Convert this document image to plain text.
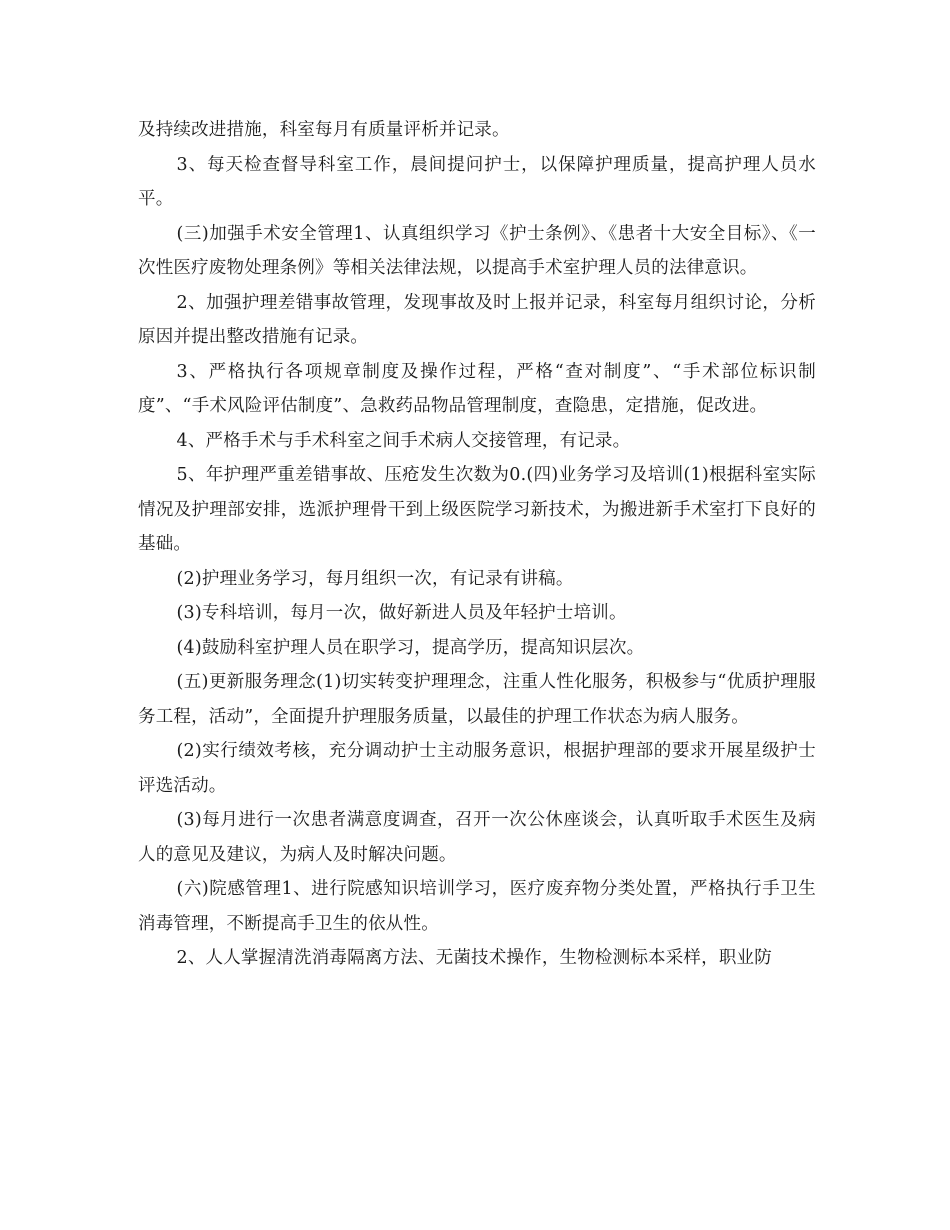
及持续改进措施，科室每月有质量评析并记录。

3、每天检查督导科室工作，晨间提问护士，以保障护理质量，提高护理人员水平。

(三)加强手术安全管理1、认真组织学习《护士条例》、《患者十大安全目标》、《一次性医疗废物处理条例》等相关法律法规，以提高手术室护理人员的法律意识。

2、加强护理差错事故管理，发现事故及时上报并记录，科室每月组织讨论，分析原因并提出整改措施有记录。

3、严格执行各项规章制度及操作过程，严格“查对制度”、“手术部位标识制度”、“手术风险评估制度”、急救药品物品管理制度，查隐患，定措施，促改进。

4、严格手术与手术科室之间手术病人交接管理，有记录。

5、年护理严重差错事故、压疮发生次数为0.(四)业务学习及培训(1)根据科室实际情况及护理部安排，选派护理骨干到上级医院学习新技术，为搬进新手术室打下良好的基础。

(2)护理业务学习，每月组织一次，有记录有讲稿。

(3)专科培训，每月一次，做好新进人员及年轻护士培训。

(4)鼓励科室护理人员在职学习，提高学历，提高知识层次。

(五)更新服务理念(1)切实转变护理理念，注重人性化服务，积极参与“优质护理服务工程，活动”，全面提升护理服务质量，以最佳的护理工作状态为病人服务。

(2)实行绩效考核，充分调动护士主动服务意识，根据护理部的要求开展星级护士评选活动。

(3)每月进行一次患者满意度调查，召开一次公休座谈会，认真听取手术医生及病人的意见及建议，为病人及时解决问题。

(六)院感管理1、进行院感知识培训学习，医疗废弃物分类处置，严格执行手卫生消毒管理，不断提高手卫生的依从性。

2、人人掌握清洗消毒隔离方法、无菌技术操作，生物检测标本采样，职业防
